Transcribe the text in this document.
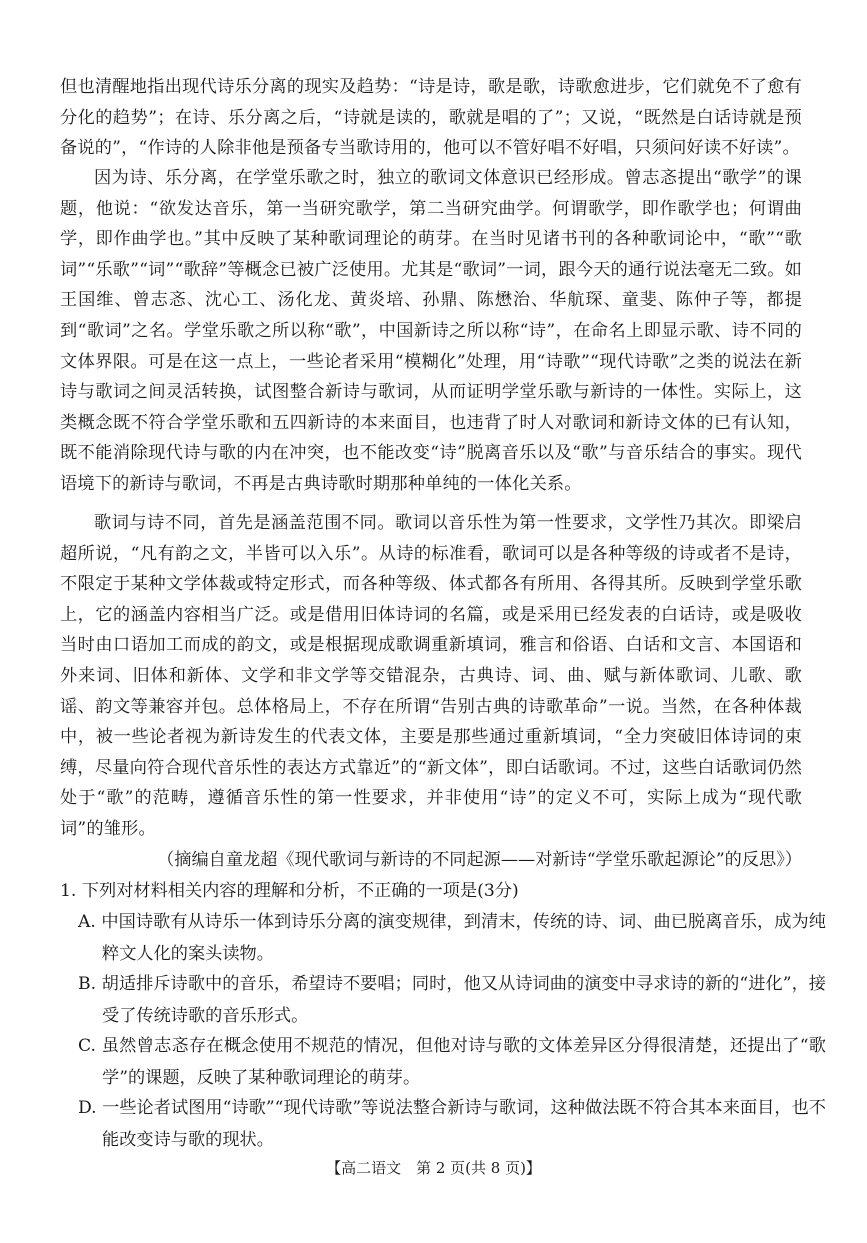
但也清醒地指出现代诗乐分离的现实及趋势：“诗是诗，歌是歌，诗歌愈进步，它们就免不了愈有分化的趋势”；在诗、乐分离之后，“诗就是读的，歌就是唱的了”；又说，“既然是白话诗就是预备说的”，“作诗的人除非他是预备专当歌诗用的，他可以不管好唱不好唱，只须问好读不好读”。
因为诗、乐分离，在学堂乐歌之时，独立的歌词文体意识已经形成。曾志忞提出“歌学”的课题，他说：“欲发达音乐，第一当研究歌学，第二当研究曲学。何谓歌学，即作歌学也；何谓曲学，即作曲学也。”其中反映了某种歌词理论的萌芽。在当时见诸书刊的各种歌词论中，“歌”“歌词”“乐歌”“词”“歌辞”等概念已被广泛使用。尤其是“歌词”一词，跟今天的通行说法毫无二致。如王国维、曾志忞、沈心工、汤化龙、黄炎培、孙鼎、陈懋治、华航琛、童斐、陈仲子等，都提到“歌词”之名。学堂乐歌之所以称“歌”，中国新诗之所以称“诗”，在命名上即显示歌、诗不同的文体界限。可是在这一点上，一些论者采用“模糊化”处理，用“诗歌”“现代诗歌”之类的说法在新诗与歌词之间灵活转换，试图整合新诗与歌词，从而证明学堂乐歌与新诗的一体性。实际上，这类概念既不符合学堂乐歌和五四新诗的本来面目，也违背了时人对歌词和新诗文体的已有认知，既不能消除现代诗与歌的内在冲突，也不能改变“诗”脱离音乐以及“歌”与音乐结合的事实。现代语境下的新诗与歌词，不再是古典诗歌时期那种单纯的一体化关系。
歌词与诗不同，首先是涵盖范围不同。歌词以音乐性为第一性要求，文学性乃其次。即梁启超所说，“凡有韵之文，半皆可以入乐”。从诗的标准看，歌词可以是各种等级的诗或者不是诗，不限定于某种文学体裁或特定形式，而各种等级、体式都各有所用、各得其所。反映到学堂乐歌上，它的涵盖内容相当广泛。或是借用旧体诗词的名篇，或是采用已经发表的白话诗，或是吸收当时由口语加工而成的韵文，或是根据现成歌调重新填词，雅言和俗语、白话和文言、本国语和外来词、旧体和新体、文学和非文学等交错混杂，古典诗、词、曲、赋与新体歌词、儿歌、歌谣、韵文等兼容并包。总体格局上，不存在所谓“告别古典的诗歌革命”一说。当然，在各种体裁中，被一些论者视为新诗发生的代表文体，主要是那些通过重新填词，“全力突破旧体诗词的束缚，尽量向符合现代音乐性的表达方式靠近”的“新文体”，即白话歌词。不过，这些白话歌词仍然处于“歌”的范畴，遵循音乐性的第一性要求，并非使用“诗”的定义不可，实际上成为“现代歌词”的雏形。
（摘编自童龙超《现代歌词与新诗的不同起源——对新诗“学堂乐歌起源论”的反思》）
1. 下列对材料相关内容的理解和分析，不正确的一项是(3分)
A. 中国诗歌有从诗乐一体到诗乐分离的演变规律，到清末，传统的诗、词、曲已脱离音乐，成为纯粹文人化的案头读物。
B. 胡适排斥诗歌中的音乐，希望诗不要唱；同时，他又从诗词曲的演变中寻求诗的新的“进化”，接受了传统诗歌的音乐形式。
C. 虽然曾志忞存在概念使用不规范的情况，但他对诗与歌的文体差异区分得很清楚，还提出了“歌学”的课题，反映了某种歌词理论的萌芽。
D. 一些论者试图用“诗歌”“现代诗歌”等说法整合新诗与歌词，这种做法既不符合其本来面目，也不能改变诗与歌的现状。
【高二语文　第 2 页(共 8 页)】
